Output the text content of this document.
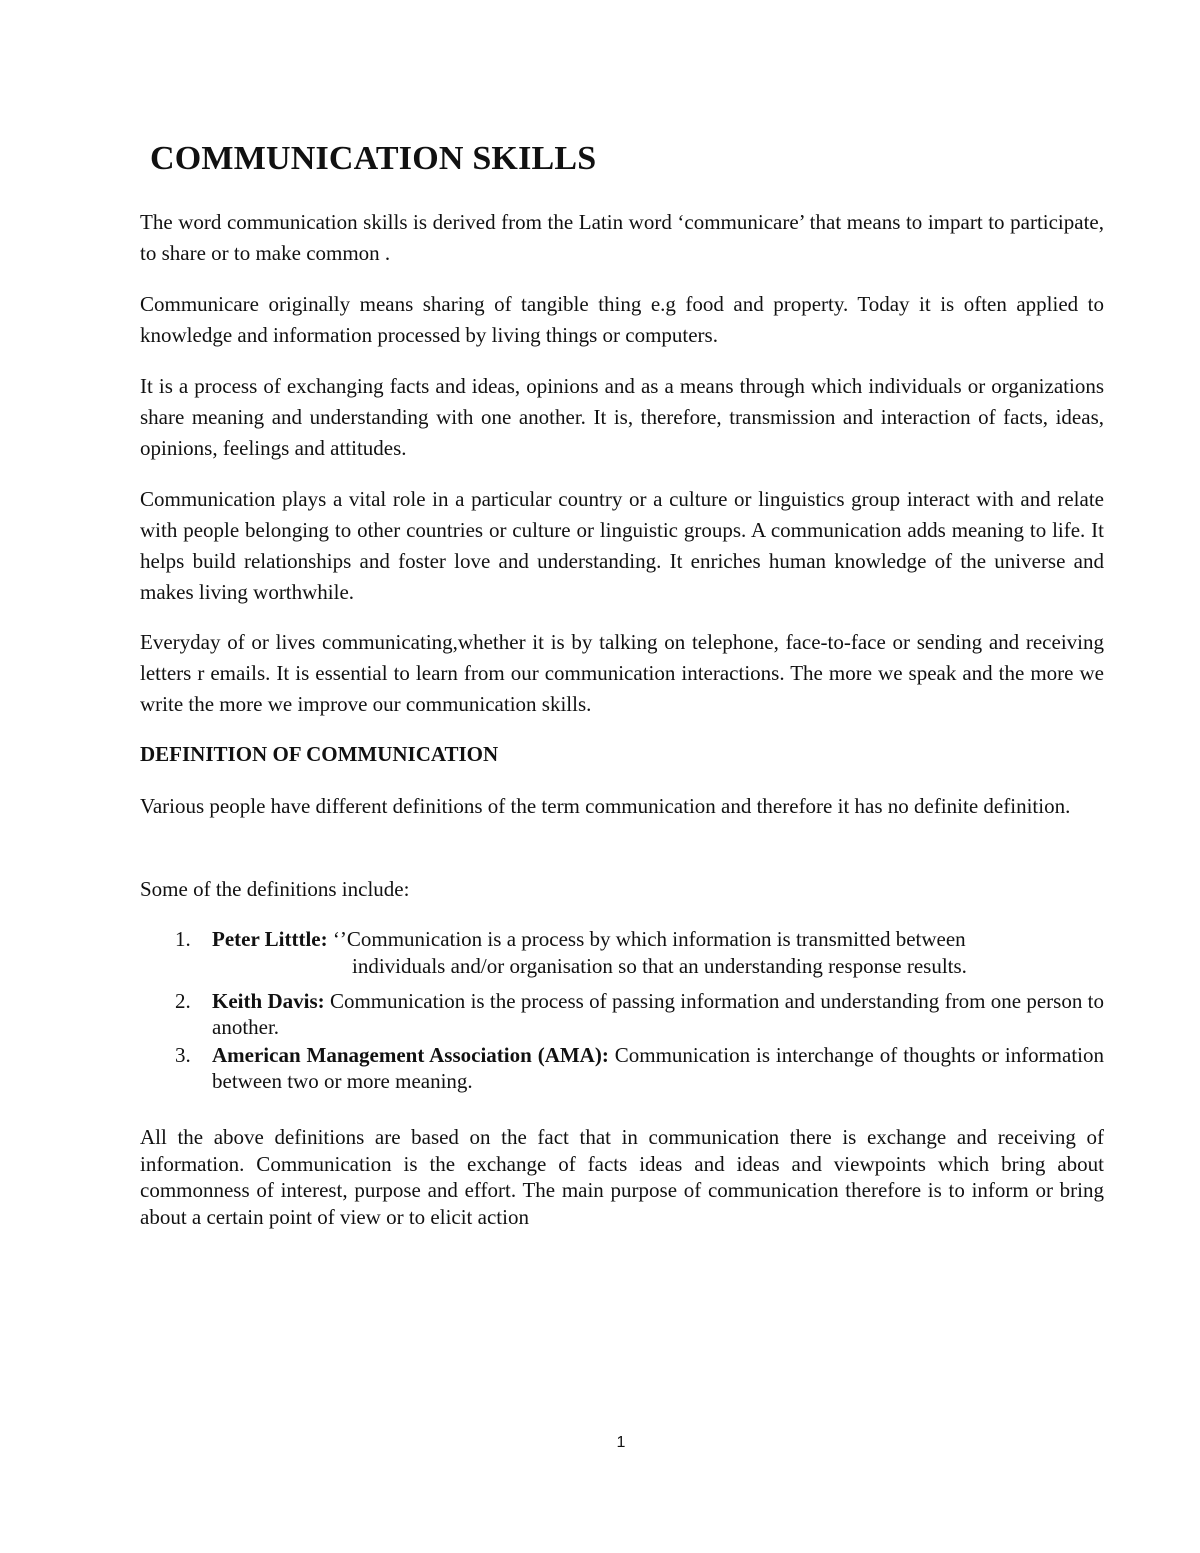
COMMUNICATION SKILLS

The word communication skills is derived from the Latin word ‘communicare’ that means to impart to participate, to share or to make common .

Communicare originally means sharing of tangible thing e.g food and property. Today it is often applied to knowledge and information processed by living things or computers.

It is a process of exchanging facts and ideas, opinions and as a means through which individuals or organizations share meaning and understanding with one another. It is, therefore, transmission and interaction of facts, ideas, opinions, feelings and attitudes.

Communication plays a vital role in a particular country or a culture or linguistics group interact with and relate with people belonging to other countries or culture or linguistic groups. A communication adds meaning to life. It helps build relationships and foster love and understanding. It enriches human knowledge of the universe and makes living worthwhile.

Everyday of or lives communicating,whether it is by talking on telephone, face-to-face or sending and receiving letters r emails. It is essential to learn from our communication interactions. The more we speak and the more we write the more we improve our communication skills.

DEFINITION OF COMMUNICATION

Various people have different definitions of the term communication and therefore it has no definite definition.

Some of the definitions include:

1. Peter Litttle: ‘’Communication is a process by which information is transmitted between
individuals and/or organisation so that an understanding response results.
2. Keith Davis: Communication is the process of passing information and understanding from one person to another.
3. American Management Association (AMA): Communication is interchange of thoughts or information between two or more meaning.

All the above definitions are based on the fact that in communication there is exchange and receiving of information. Communication is the exchange of facts ideas and ideas and viewpoints which bring about commonness of interest, purpose and effort. The main purpose of communication therefore is to inform or bring about a certain point of view or to elicit action

1
